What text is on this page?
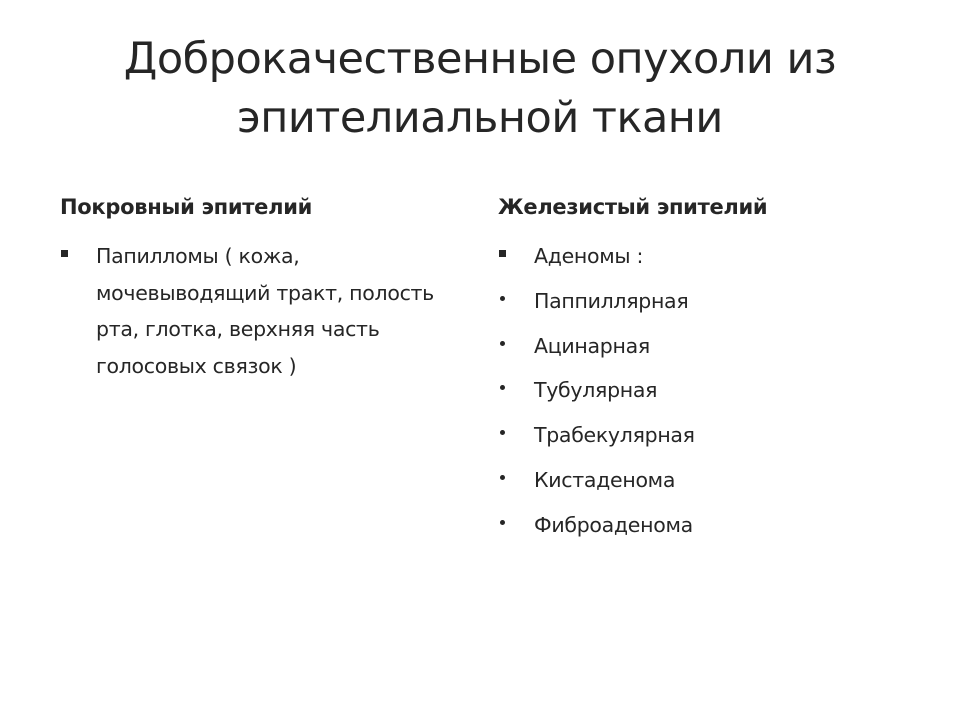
Доброкачественные опухоли из эпителиальной ткани
Покровный эпителий
Папилломы ( кожа, мочевыводящий тракт, полость рта, глотка, верхняя часть голосовых связок )
Железистый эпителий
Аденомы :
Паппиллярная
Ацинарная
Тубулярная
Трабекулярная
Кистаденома
Фиброаденома
